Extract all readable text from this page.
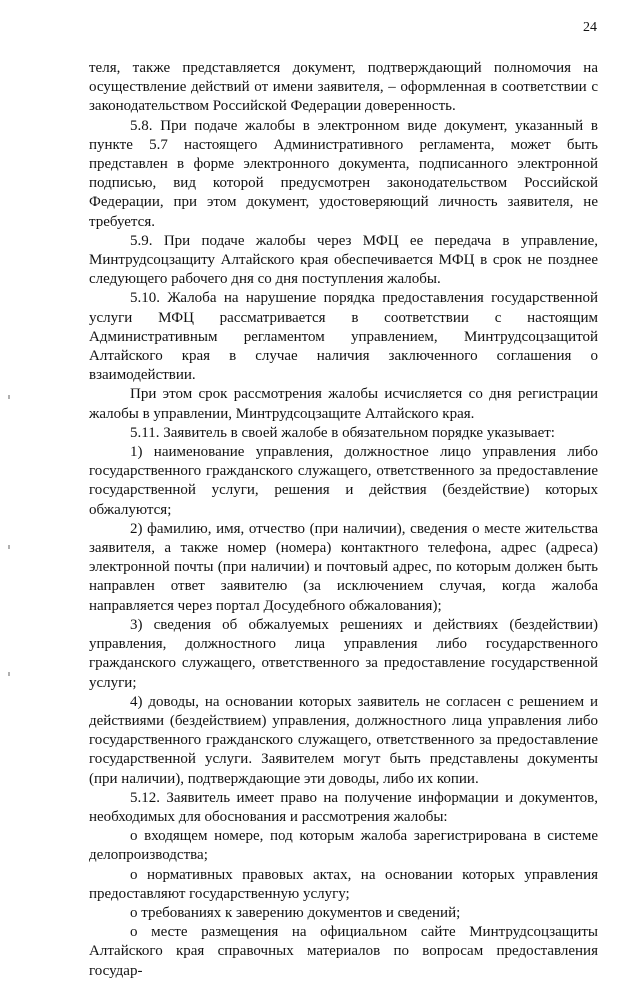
24

теля, также представляется документ, подтверждающий полномочия на осуществление действий от имени заявителя, – оформленная в соответствии с законодательством Российской Федерации доверенность.

5.8. При подаче жалобы в электронном виде документ, указанный в пункте 5.7 настоящего Административного регламента, может быть представлен в форме электронного документа, подписанного электронной подписью, вид которой предусмотрен законодательством Российской Федерации, при этом документ, удостоверяющий личность заявителя, не требуется.

5.9. При подаче жалобы через МФЦ ее передача в управление, Минтрудсоцзащиту Алтайского края обеспечивается МФЦ в срок не позднее следующего рабочего дня со дня поступления жалобы.

5.10. Жалоба на нарушение порядка предоставления государственной услуги МФЦ рассматривается в соответствии с настоящим Административным регламентом управлением, Минтрудсоцзащитой Алтайского края в случае наличия заключенного соглашения о взаимодействии.

При этом срок рассмотрения жалобы исчисляется со дня регистрации жалобы в управлении, Минтрудсоцзащите Алтайского края.

5.11. Заявитель в своей жалобе в обязательном порядке указывает:

1) наименование управления, должностное лицо управления либо государственного гражданского служащего, ответственного за предоставление государственной услуги, решения и действия (бездействие) которых обжалуются;

2) фамилию, имя, отчество (при наличии), сведения о месте жительства заявителя, а также номер (номера) контактного телефона, адрес (адреса) электронной почты (при наличии) и почтовый адрес, по которым должен быть направлен ответ заявителю (за исключением случая, когда жалоба направляется через портал Досудебного обжалования);

3) сведения об обжалуемых решениях и действиях (бездействии) управления, должностного лица управления либо государственного гражданского служащего, ответственного за предоставление государственной услуги;

4) доводы, на основании которых заявитель не согласен с решением и действиями (бездействием) управления, должностного лица управления либо государственного гражданского служащего, ответственного за предоставление государственной услуги. Заявителем могут быть представлены документы (при наличии), подтверждающие эти доводы, либо их копии.

5.12. Заявитель имеет право на получение информации и документов, необходимых для обоснования и рассмотрения жалобы:

о входящем номере, под которым жалоба зарегистрирована в системе делопроизводства;

о нормативных правовых актах, на основании которых управления предоставляют государственную услугу;

о требованиях к заверению документов и сведений;

о месте размещения на официальном сайте Минтрудсоцзащиты Алтайского края справочных материалов по вопросам предоставления государ-
